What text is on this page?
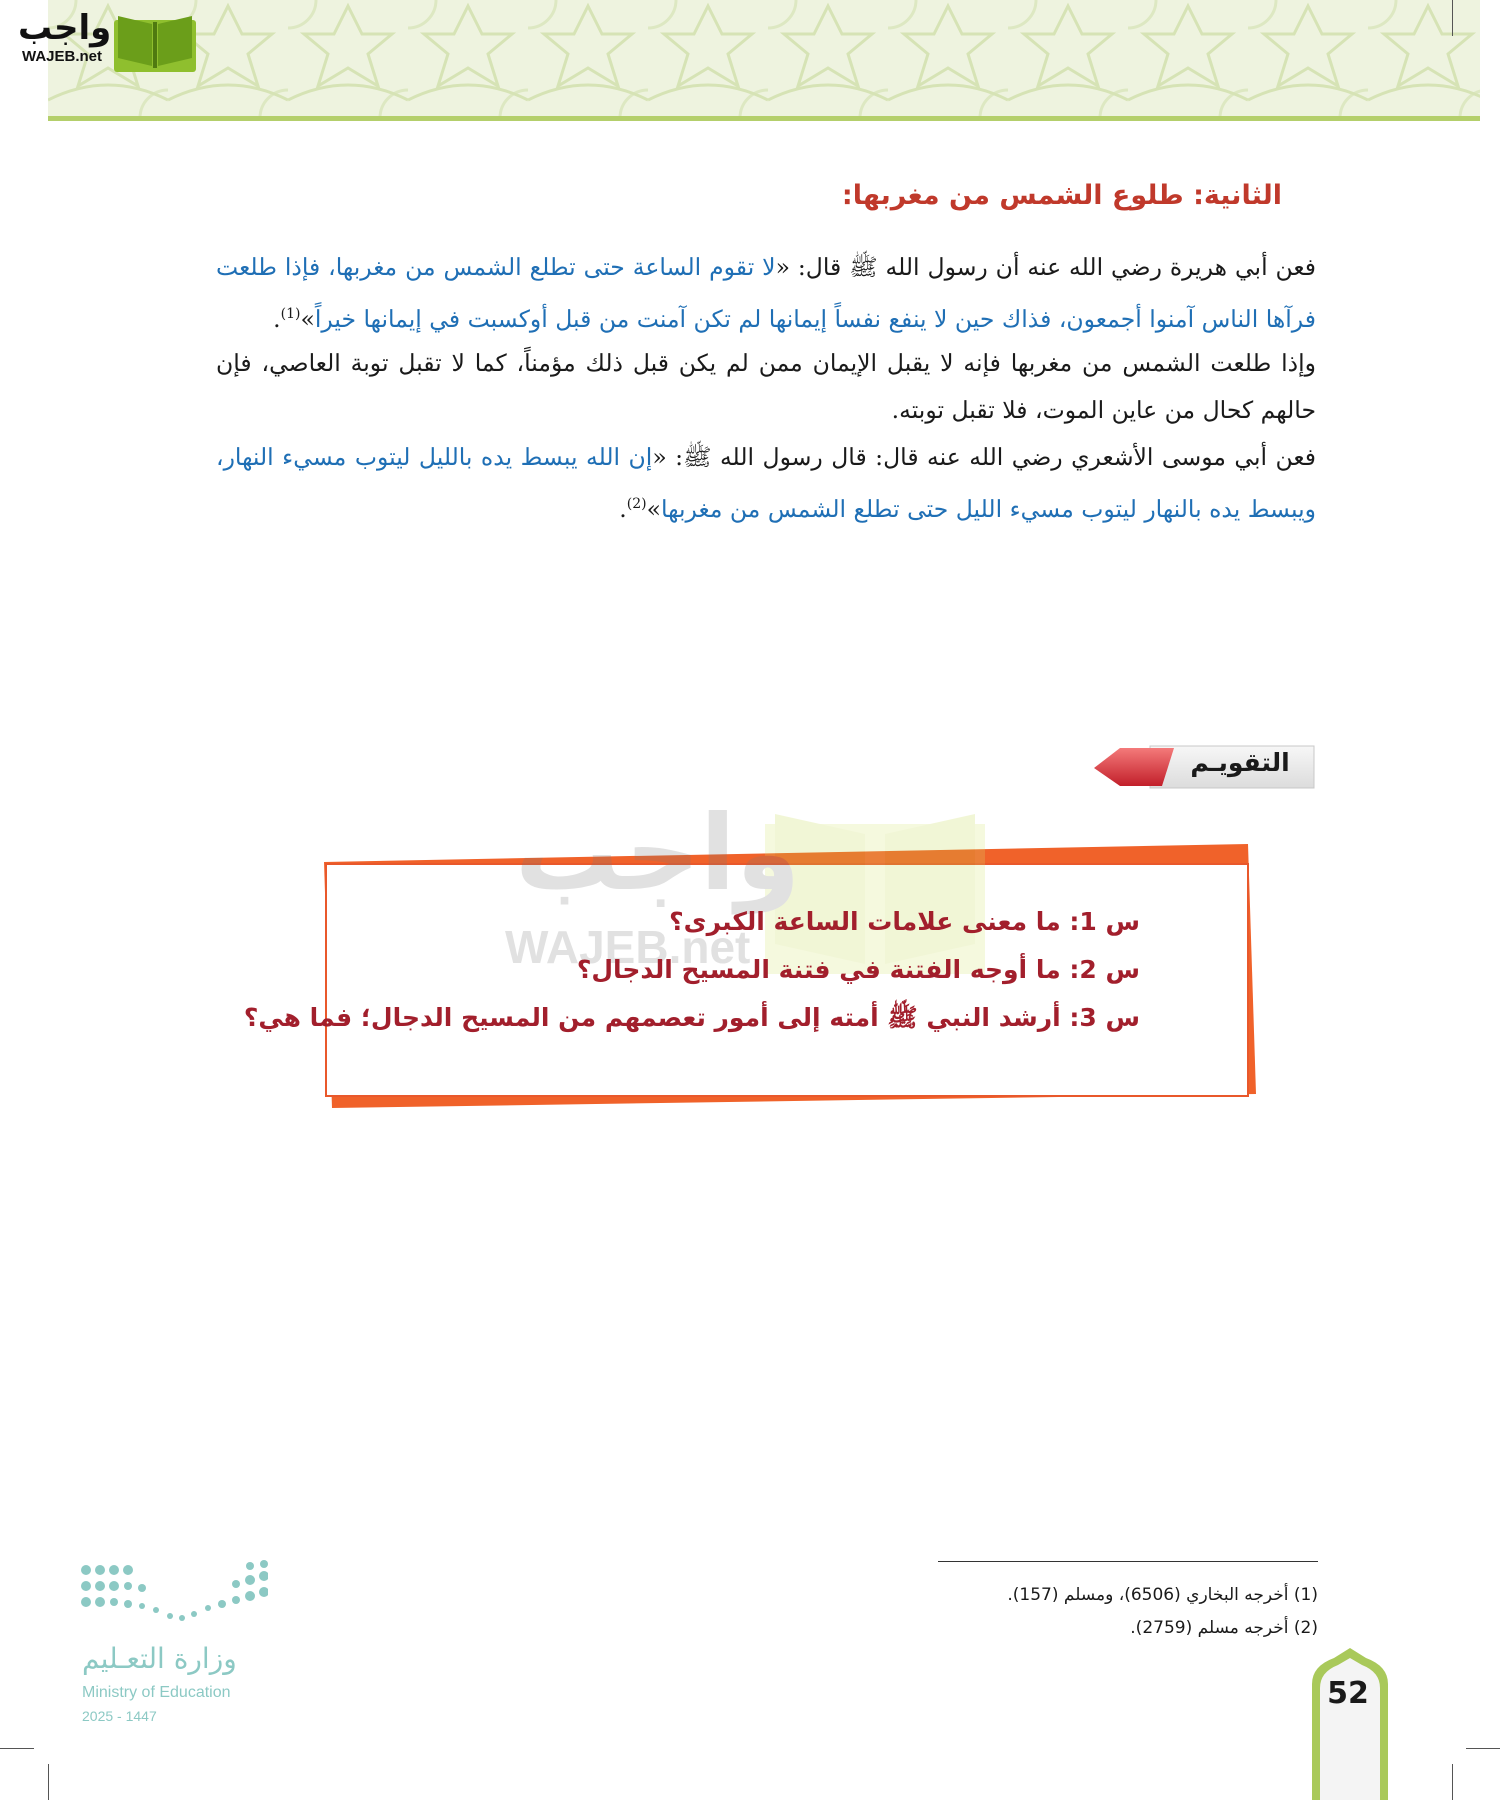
واجب
WAJEB.net
الثانية: طلوع الشمس من مغربها:

فعن أبي هريرة رضي الله عنه أن رسول الله ﷺ قال: «لا تقوم الساعة حتى تطلع الشمس من مغربها، فإذا طلعت فرآها الناس آمنوا أجمعون، فذاك حين لا ينفع نفساً إيمانها لم تكن آمنت من قبل أوكسبت في إيمانها خيراً»$^{(1)}$.

وإذا طلعت الشمس من مغربها فإنه لا يقبل الإيمان ممن لم يكن قبل ذلك مؤمناً، كما لا تقبل توبة العاصي، فإن حالهم كحال من عاين الموت، فلا تقبل توبته.

فعن أبي موسى الأشعري رضي الله عنه قال: قال رسول الله ﷺ: «إن الله يبسط يده بالليل ليتوب مسيء النهار، ويبسط يده بالنهار ليتوب مسيء الليل حتى تطلع الشمس من مغربها»$^{(2)}$.

التقويـم
واجب
WAJEB.net
س 1: ما معنى علامات الساعة الكبرى؟
س 2: ما أوجه الفتنة في فتنة المسيح الدجال؟
س 3: أرشد النبي ﷺ أمته إلى أمور تعصمهم من المسيح الدجال؛ فما هي؟
(1) أخرجه البخاري (6506)، ومسلم (157).
(2) أخرجه مسلم (2759).
وزارة التعـليم
Ministry of Education
2025 - 1447
52
